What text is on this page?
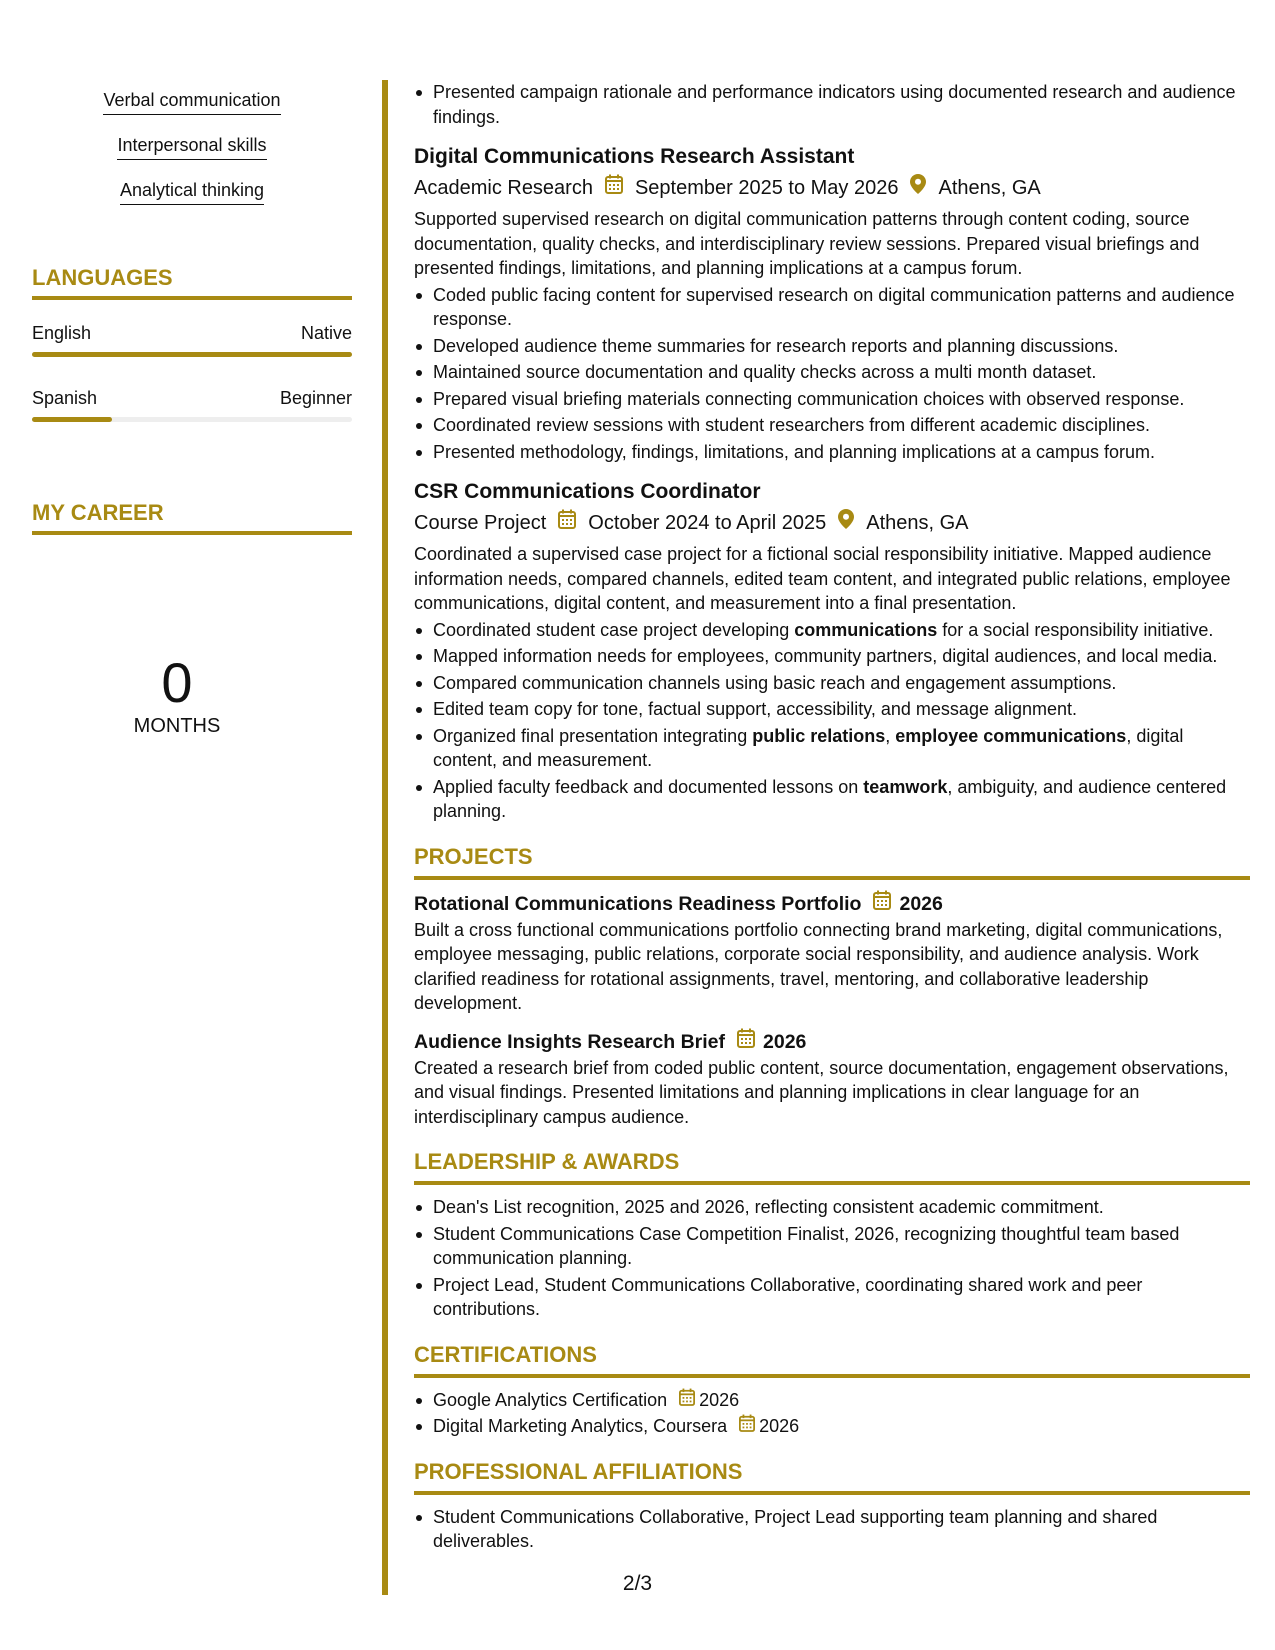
Verbal communication
Interpersonal skills
Analytical thinking
LANGUAGES
English	Native
Spanish	Beginner
MY CAREER
0
MONTHS
Presented campaign rationale and performance indicators using documented research and audience findings.
Digital Communications Research Assistant
Academic Research September 2025 to May 2026 Athens, GA

Supported supervised research on digital communication patterns through content coding, source documentation, quality checks, and interdisciplinary review sessions. Prepared visual briefings and presented findings, limitations, and planning implications at a campus forum.

Coded public facing content for supervised research on digital communication patterns and audience response.
Developed audience theme summaries for research reports and planning discussions.
Maintained source documentation and quality checks across a multi month dataset.
Prepared visual briefing materials connecting communication choices with observed response.
Coordinated review sessions with student researchers from different academic disciplines.
Presented methodology, findings, limitations, and planning implications at a campus forum.
CSR Communications Coordinator
Course Project October 2024 to April 2025 Athens, GA

Coordinated a supervised case project for a fictional social responsibility initiative. Mapped audience information needs, compared channels, edited team content, and integrated public relations, employee communications, digital content, and measurement into a final presentation.

Coordinated student case project developing communications for a social responsibility initiative.
Mapped information needs for employees, community partners, digital audiences, and local media.
Compared communication channels using basic reach and engagement assumptions.
Edited team copy for tone, factual support, accessibility, and message alignment.
Organized final presentation integrating public relations, employee communications, digital content, and measurement.
Applied faculty feedback and documented lessons on teamwork, ambiguity, and audience centered planning.
PROJECTS
Rotational Communications Readiness Portfolio 2026

Built a cross functional communications portfolio connecting brand marketing, digital communications, employee messaging, public relations, corporate social responsibility, and audience analysis. Work clarified readiness for rotational assignments, travel, mentoring, and collaborative leadership development.

Audience Insights Research Brief 2026

Created a research brief from coded public content, source documentation, engagement observations, and visual findings. Presented limitations and planning implications in clear language for an interdisciplinary campus audience.

LEADERSHIP & AWARDS
Dean's List recognition, 2025 and 2026, reflecting consistent academic commitment.
Student Communications Case Competition Finalist, 2026, recognizing thoughtful team based communication planning.
Project Lead, Student Communications Collaborative, coordinating shared work and peer contributions.
CERTIFICATIONS
Google Analytics Certification 2026
Digital Marketing Analytics, Coursera 2026
PROFESSIONAL AFFILIATIONS
Student Communications Collaborative, Project Lead supporting team planning and shared deliverables.
2/3
